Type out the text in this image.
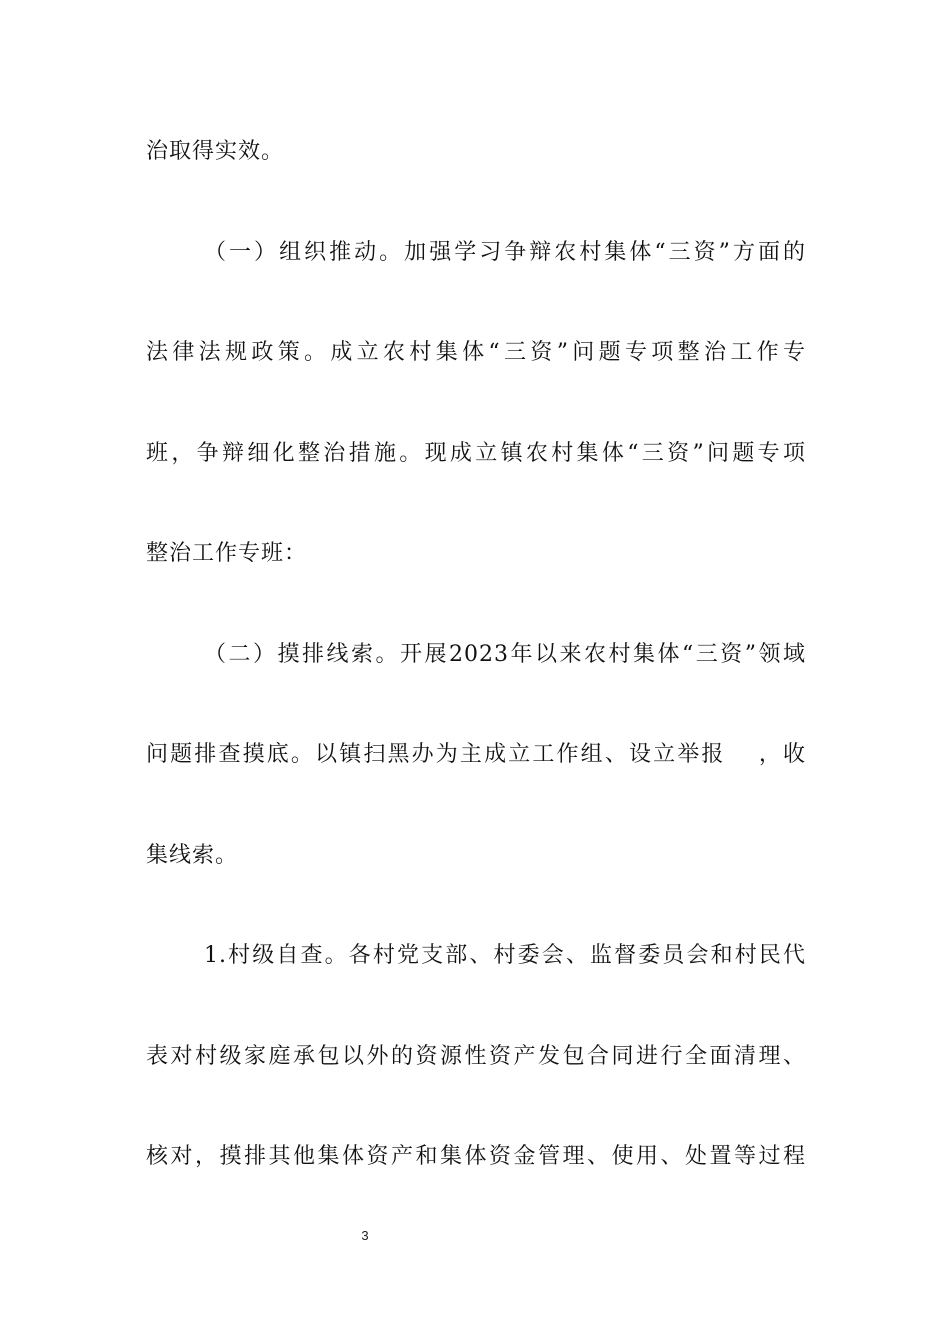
治取得实效。
（一）组织推动。加强学习争辩农村集体“三资”方面的
法律法规政策。成立农村集体“三资”问题专项整治工作专
班，争辩细化整治措施。现成立镇农村集体“三资”问题专项
整治工作专班：
（二）摸排线索。开展2023年以来农村集体“三资”领域
问题排查摸底。以镇扫黑办为主成立工作组、设立举报　 ，收
集线索。
1.村级自查。各村党支部、村委会、监督委员会和村民代
表对村级家庭承包以外的资源性资产发包合同进行全面清理、
核对，摸排其他集体资产和集体资金管理、使用、处置等过程
3
